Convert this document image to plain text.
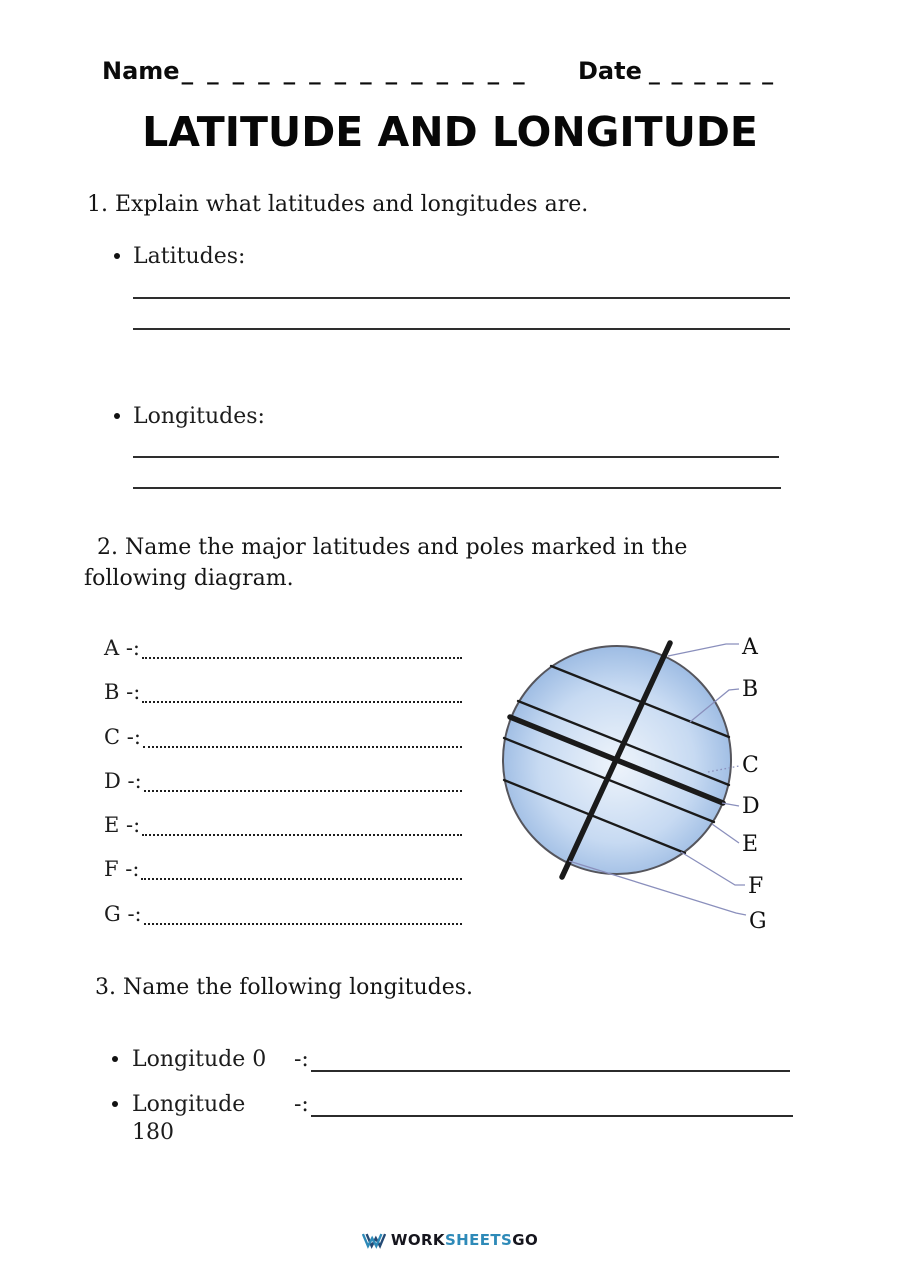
Name_ _ _ _ _ _ _ _ _ _ _ _ _ _ Date _ _ _ _ _ _
LATITUDE AND LONGITUDE
1. Explain what latitudes and longitudes are.
Latitudes:
Longitudes:
2. Name the major latitudes and poles marked in the
following diagram.
A -:
B -:
C -:
D -:
E -:
F -:
G -:
A
B
C
D
E
F
G
3. Name the following longitudes.
Longitude 0	-:
Longitude 180
-:
WORKSHEETSGO
